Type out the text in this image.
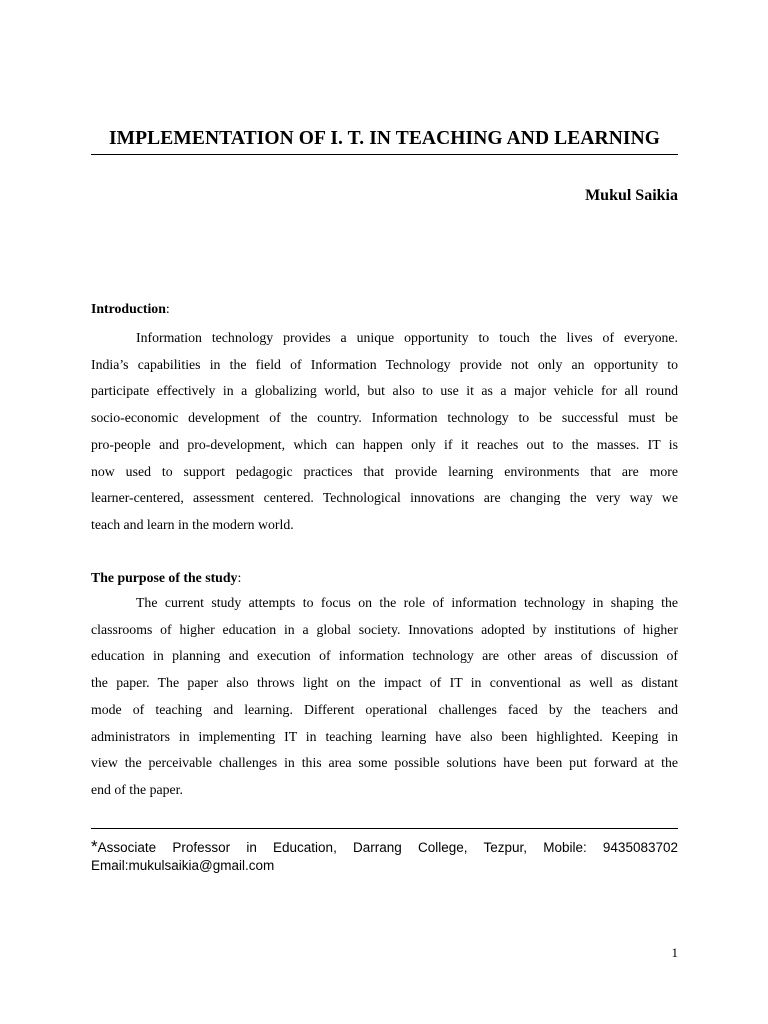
IMPLEMENTATION OF I. T. IN TEACHING AND LEARNING
Mukul Saikia
Introduction:
Information technology provides a unique opportunity to touch the lives of everyone.
India’s capabilities in the field of Information Technology provide not only an opportunity to
participate effectively in a globalizing world, but also to use it as a major vehicle for all round
socio-economic development of the country. Information technology to be successful must be
pro-people and pro-development, which can happen only if it reaches out to the masses. IT is
now used to support pedagogic practices that provide learning environments that are more
learner-centered, assessment centered. Technological innovations are changing the very way we
teach and learn in the modern world.
The purpose of the study:
The current study attempts to focus on the role of information technology in shaping the
classrooms of higher education in a global society. Innovations adopted by institutions of higher
education in planning and execution of information technology are other areas of discussion of
the paper. The paper also throws light on the impact of IT in conventional as well as distant
mode of teaching and learning. Different operational challenges faced by the teachers and
administrators in implementing IT in teaching learning have also been highlighted. Keeping in
view the perceivable challenges in this area some possible solutions have been put forward at the
end of the paper.
*Associate Professor in Education, Darrang College, Tezpur, Mobile: 9435083702
Email:mukulsaikia@gmail.com
1
